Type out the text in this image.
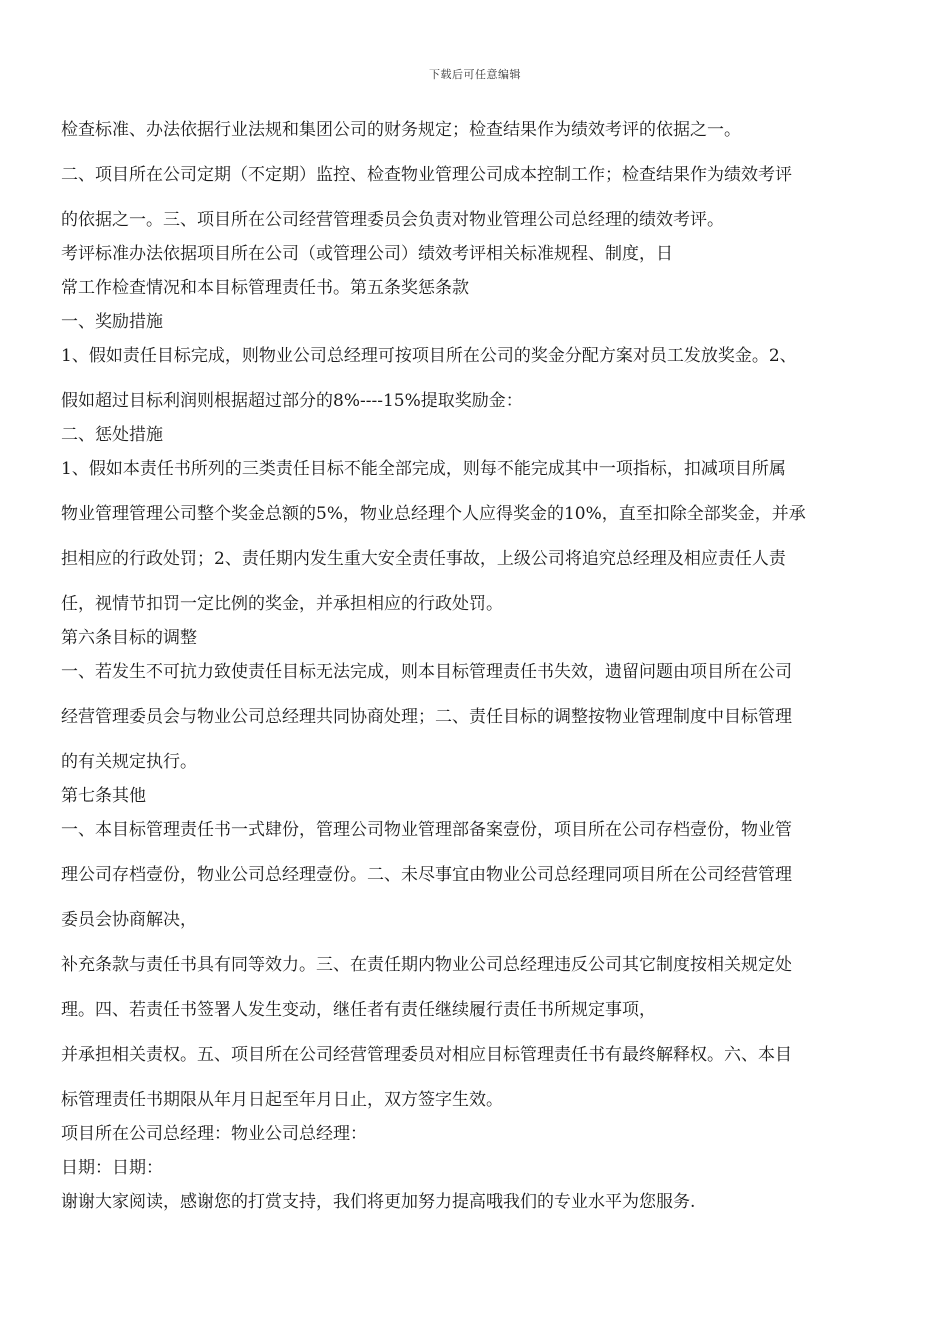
下载后可任意编辑
检查标准、办法依据行业法规和集团公司的财务规定；检查结果作为绩效考评的依据之一。
二、项目所在公司定期（不定期）监控、检查物业管理公司成本控制工作；检查结果作为绩效考评
的依据之一。三、项目所在公司经营管理委员会负责对物业管理公司总经理的绩效考评。
考评标准办法依据项目所在公司（或管理公司）绩效考评相关标准规程、制度，日
常工作检查情况和本目标管理责任书。第五条奖惩条款
一、奖励措施
1、假如责任目标完成，则物业公司总经理可按项目所在公司的奖金分配方案对员工发放奖金。2、
假如超过目标利润则根据超过部分的8%----15%提取奖励金：
二、惩处措施
1、假如本责任书所列的三类责任目标不能全部完成，则每不能完成其中一项指标，扣减项目所属
物业管理管理公司整个奖金总额的5%，物业总经理个人应得奖金的10%，直至扣除全部奖金，并承
担相应的行政处罚；2、责任期内发生重大安全责任事故，上级公司将追究总经理及相应责任人责
任，视情节扣罚一定比例的奖金，并承担相应的行政处罚。
第六条目标的调整
一、若发生不可抗力致使责任目标无法完成，则本目标管理责任书失效，遗留问题由项目所在公司
经营管理委员会与物业公司总经理共同协商处理；二、责任目标的调整按物业管理制度中目标管理
的有关规定执行。
第七条其他
一、本目标管理责任书一式肆份，管理公司物业管理部备案壹份，项目所在公司存档壹份，物业管
理公司存档壹份，物业公司总经理壹份。二、未尽事宜由物业公司总经理同项目所在公司经营管理
委员会协商解决，
补充条款与责任书具有同等效力。三、在责任期内物业公司总经理违反公司其它制度按相关规定处
理。四、若责任书签署人发生变动，继任者有责任继续履行责任书所规定事项，
并承担相关责权。五、项目所在公司经营管理委员对相应目标管理责任书有最终解释权。六、本目
标管理责任书期限从年月日起至年月日止，双方签字生效。
项目所在公司总经理：物业公司总经理：
日期：日期：
谢谢大家阅读，感谢您的打赏支持，我们将更加努力提高哦我们的专业水平为您服务.
